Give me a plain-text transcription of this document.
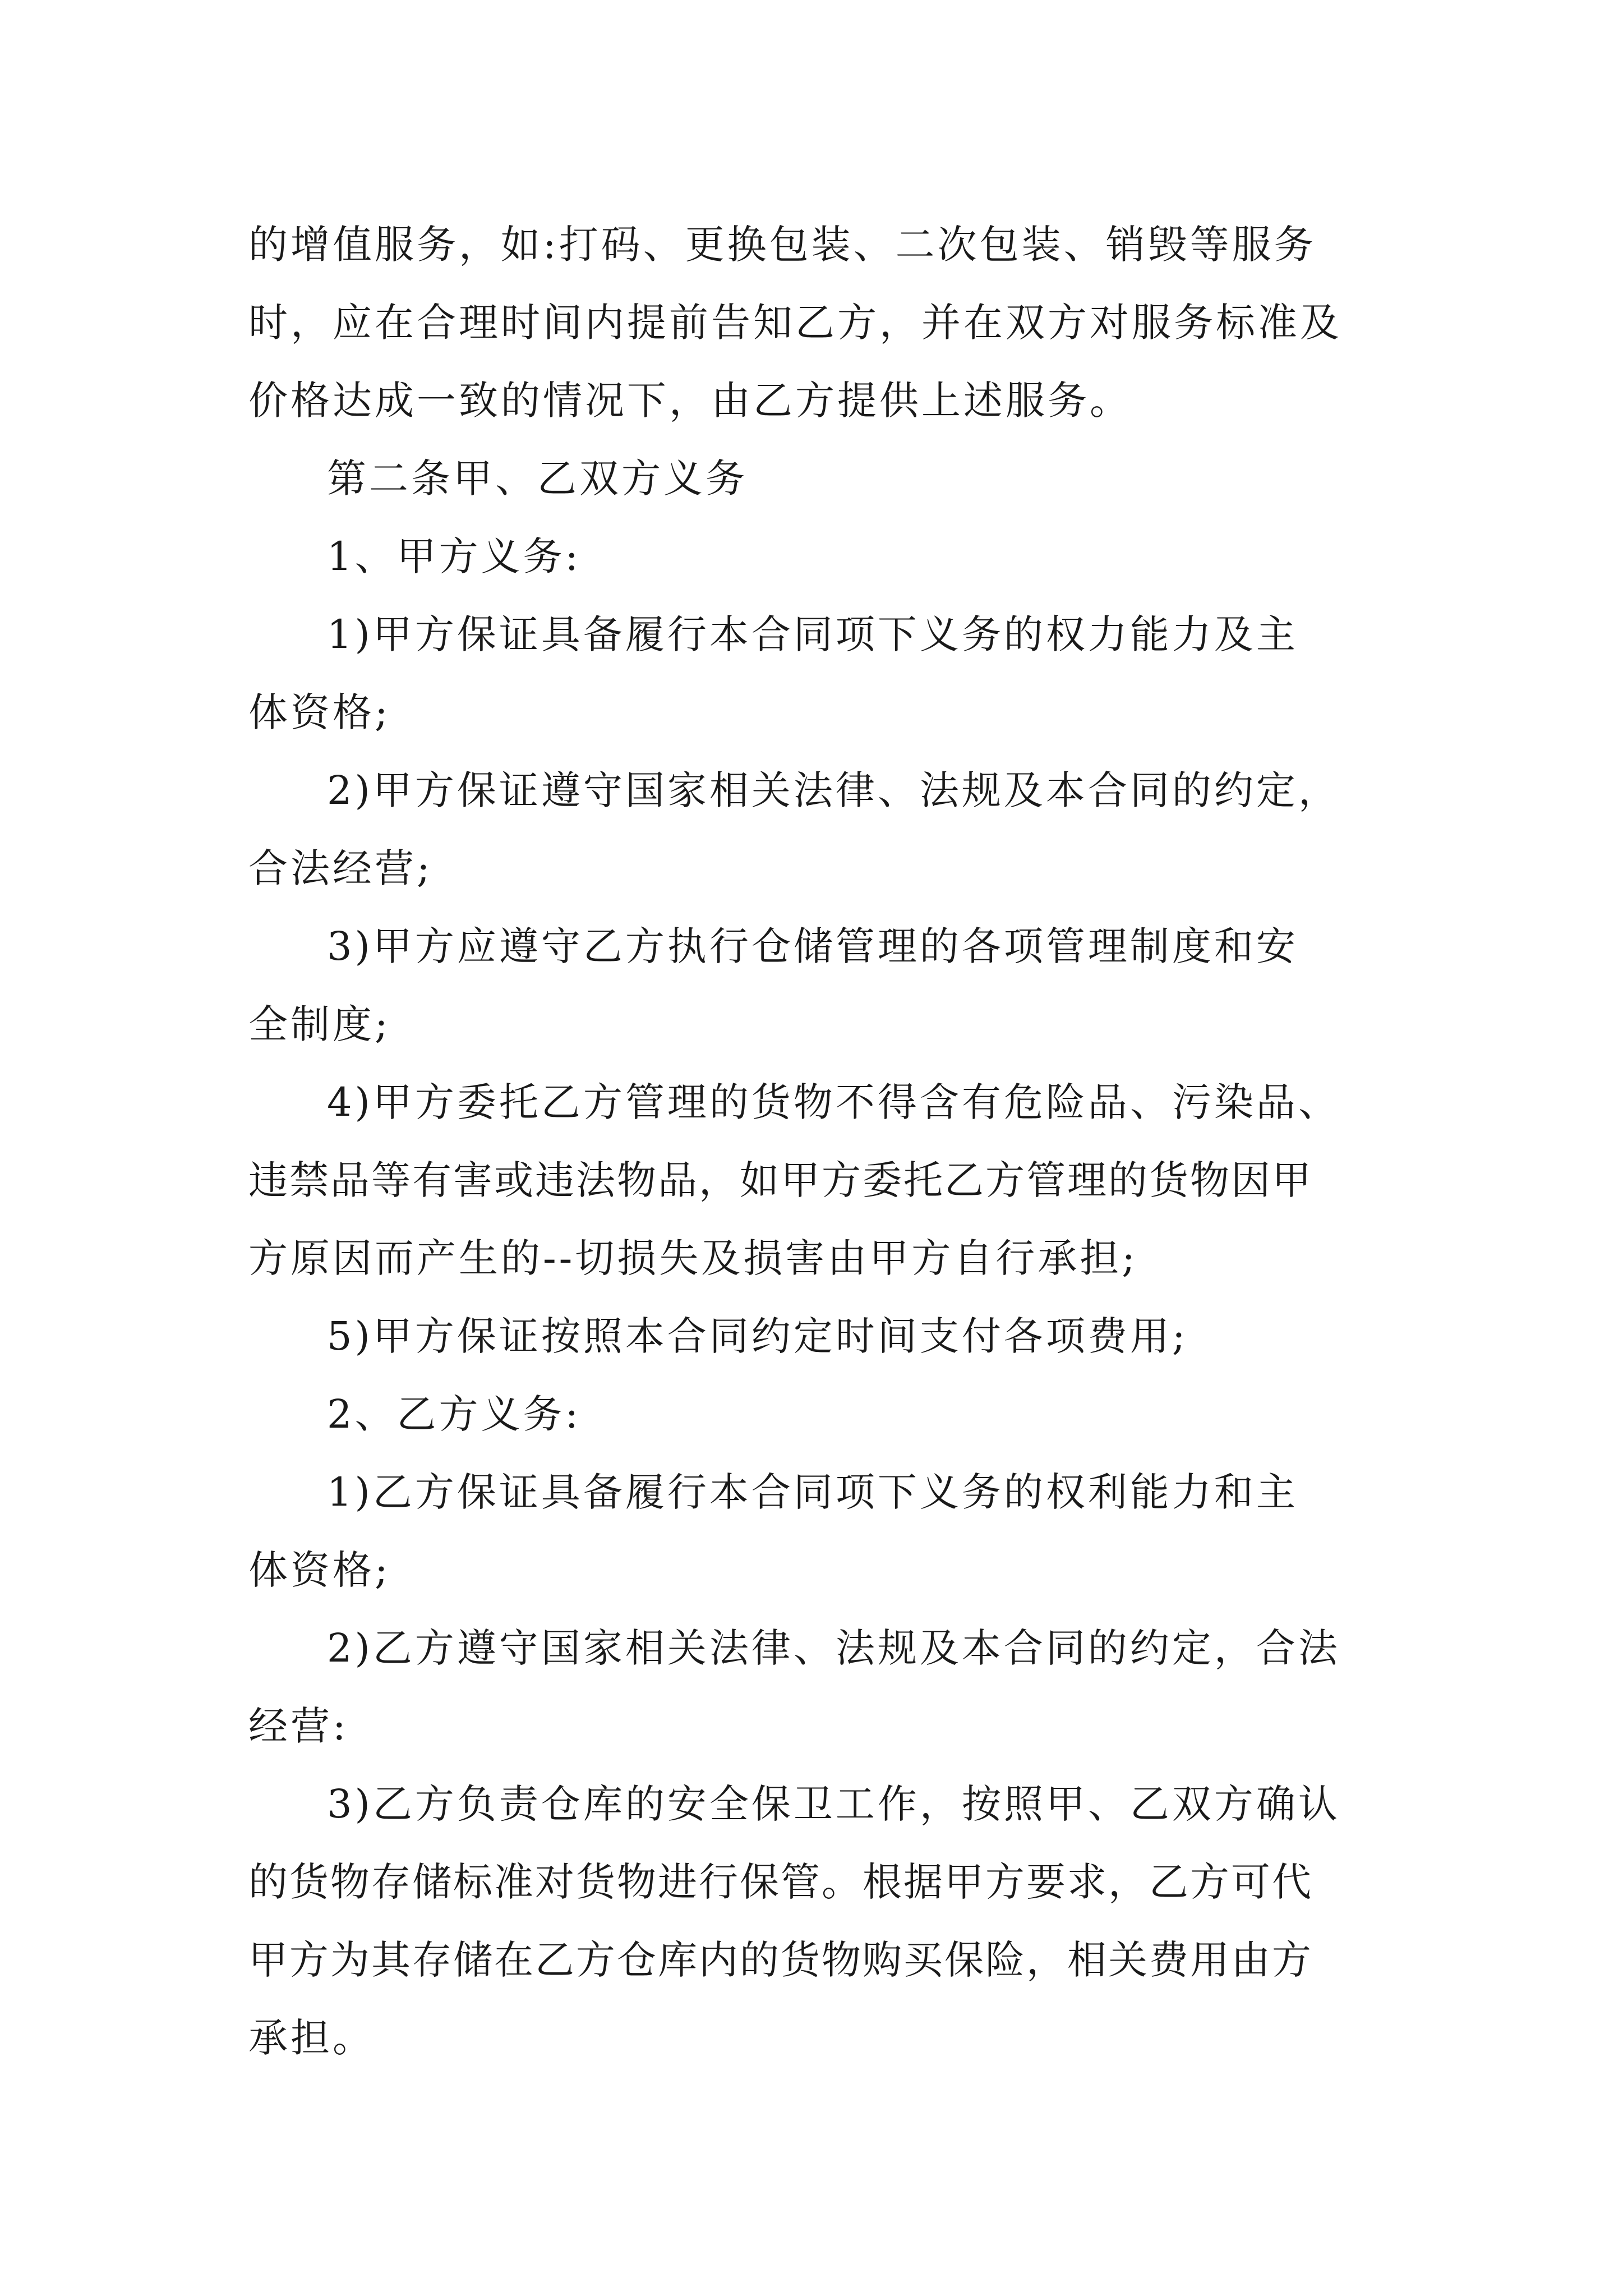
的增值服务，如:打码、更换包装、二次包装、销毁等服务
时，应在合理时间内提前告知乙方，并在双方对服务标准及
价格达成一致的情况下，由乙方提供上述服务。
第二条甲、乙双方义务
1、甲方义务:
1)甲方保证具备履行本合同项下义务的权力能力及主
体资格;
2)甲方保证遵守国家相关法律、法规及本合同的约定，
合法经营;
3)甲方应遵守乙方执行仓储管理的各项管理制度和安
全制度;
4)甲方委托乙方管理的货物不得含有危险品、污染品、
违禁品等有害或违法物品，如甲方委托乙方管理的货物因甲
方原因而产生的--切损失及损害由甲方自行承担;
5)甲方保证按照本合同约定时间支付各项费用;
2、乙方义务:
1)乙方保证具备履行本合同项下义务的权利能力和主
体资格;
2)乙方遵守国家相关法律、法规及本合同的约定，合法
经营:
3)乙方负责仓库的安全保卫工作，按照甲、乙双方确认
的货物存储标准对货物进行保管。根据甲方要求，乙方可代
甲方为其存储在乙方仓库内的货物购买保险，相关费用由方
承担。
